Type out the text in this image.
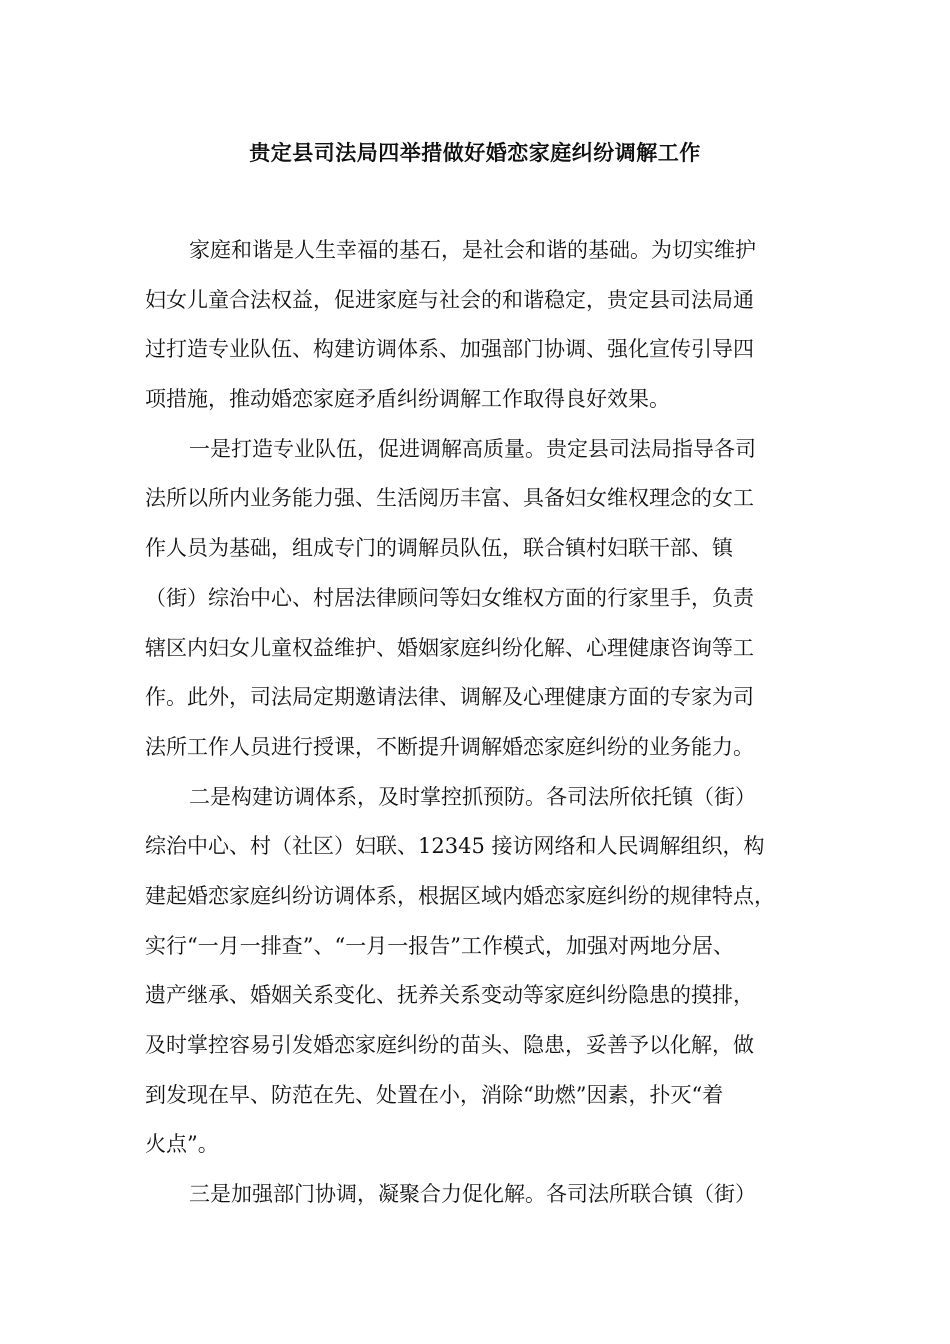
贵定县司法局四举措做好婚恋家庭纠纷调解工作
家庭和谐是人生幸福的基石，是社会和谐的基础。为切实维护
妇女儿童合法权益，促进家庭与社会的和谐稳定，贵定县司法局通
过打造专业队伍、构建访调体系、加强部门协调、强化宣传引导四
项措施，推动婚恋家庭矛盾纠纷调解工作取得良好效果。
一是打造专业队伍，促进调解高质量。贵定县司法局指导各司
法所以所内业务能力强、生活阅历丰富、具备妇女维权理念的女工
作人员为基础，组成专门的调解员队伍，联合镇村妇联干部、镇
（街）综治中心、村居法律顾问等妇女维权方面的行家里手，负责
辖区内妇女儿童权益维护、婚姻家庭纠纷化解、心理健康咨询等工
作。此外，司法局定期邀请法律、调解及心理健康方面的专家为司
法所工作人员进行授课，不断提升调解婚恋家庭纠纷的业务能力。
二是构建访调体系，及时掌控抓预防。各司法所依托镇（街）
综治中心、村（社区）妇联、12345 接访网络和人民调解组织，构
建起婚恋家庭纠纷访调体系，根据区域内婚恋家庭纠纷的规律特点，
实行“一月一排查”、“一月一报告”工作模式，加强对两地分居、
遗产继承、婚姻关系变化、抚养关系变动等家庭纠纷隐患的摸排，
及时掌控容易引发婚恋家庭纠纷的苗头、隐患，妥善予以化解，做
到发现在早、防范在先、处置在小，消除“助燃”因素，扑灭“着
火点”。
三是加强部门协调，凝聚合力促化解。各司法所联合镇（街）
